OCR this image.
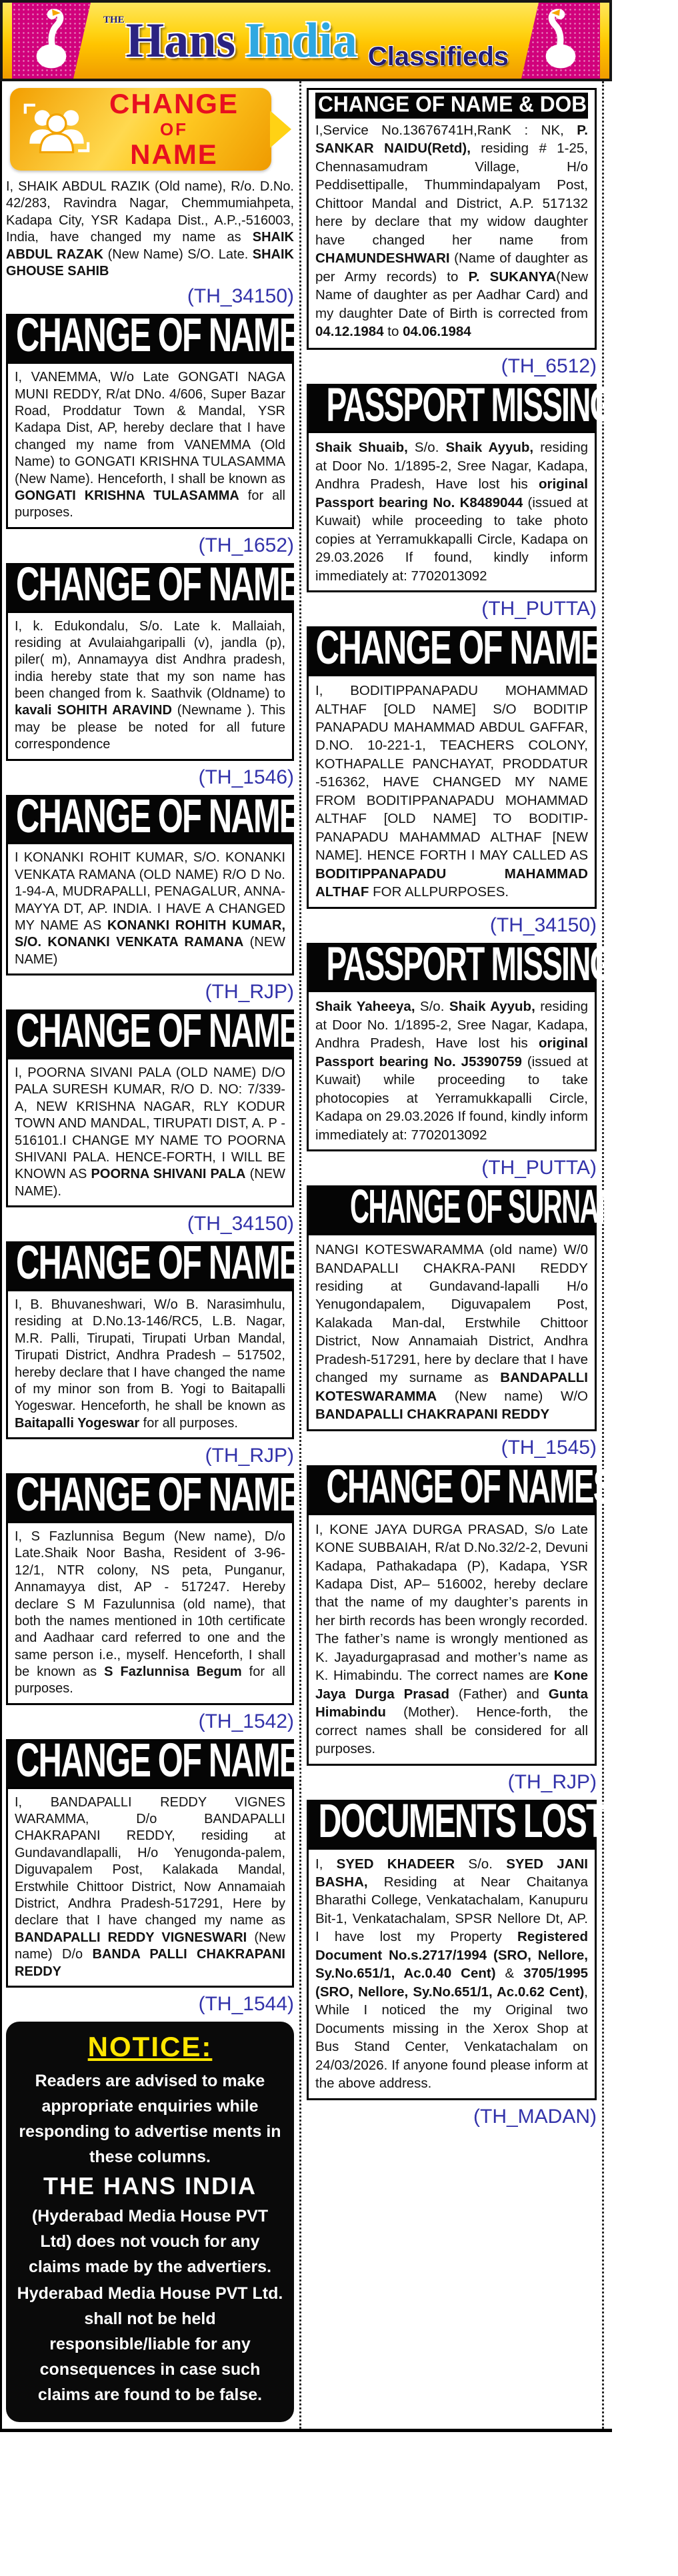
THE Hans India Classifieds
CHANGE
OF
NAME
I, SHAIK ABDUL RAZIK (Old name), R/o. D.No. 42/283, Ravindra Nagar, Chemmumiahpeta, Kadapa City, YSR Kadapa Dist., A.P.,-516003, India, have changed my name as SHAIK ABDUL RAZAK (New Name) S/O. Late. SHAIK GHOUSE SAHIB
(TH_34150)
CHANGE OF NAME
I, VANEMMA, W/o Late GONGATI NAGA MUNI REDDY, R/at DNo. 4/606, Super Bazar Road, Proddatur Town & Mandal, YSR Kadapa Dist, AP, hereby declare that I have changed my name from VANEMMA (Old Name) to GONGATI KRISHNA TULASAMMA (New Name). Henceforth, I shall be known as GONGATI KRISHNA TULASAMMA for all purposes.
(TH_1652)
CHANGE OF NAME
I, k. Edukondalu, S/o. Late k. Mallaiah, residing at Avulaiahgaripalli (v), jandla (p), piler( m), Annamayya dist Andhra pradesh, india hereby state that my son name has been changed from k. Saathvik (Oldname) to kavali SOHITH ARAVIND (Newname ). This may be please be noted for all future correspondence
(TH_1546)
CHANGE OF NAME
I KONANKI ROHIT KUMAR, S/O. KONANKI VENKATA RAMANA (OLD NAME) R/O D No. 1-94-A, MUDRAPALLI, PENAGALUR, ANNA-MAYYA DT, AP. INDIA. I HAVE A CHANGED MY NAME AS KONANKI ROHITH KUMAR, S/O. KONANKI VENKATA RAMANA (NEW NAME)
(TH_RJP)
CHANGE OF NAME
I, POORNA SIVANI PALA (OLD NAME) D/O PALA SURESH KUMAR, R/O D. NO: 7/339-A, NEW KRISHNA NAGAR, RLY KODUR TOWN AND MANDAL, TIRUPATI DIST, A. P - 516101.I CHANGE MY NAME TO POORNA SHIVANI PALA. HENCE-FORTH, I WILL BE KNOWN AS POORNA SHIVANI PALA (NEW NAME).
(TH_34150)
CHANGE OF NAME
I, B. Bhuvaneshwari, W/o B. Narasimhulu, residing at D.No.13-146/RC5, L.B. Nagar, M.R. Palli, Tirupati, Tirupati Urban Mandal, Tirupati District, Andhra Pradesh – 517502, hereby declare that I have changed the name of my minor son from B. Yogi to Baitapalli Yogeswar. Henceforth, he shall be known as Baitapalli Yogeswar for all purposes.
(TH_RJP)
CHANGE OF NAME
I, S Fazlunnisa Begum (New name), D/o Late.Shaik Noor Basha, Resident of 3-96-12/1, NTR colony, NS peta, Punganur, Annamayya dist, AP - 517247. Hereby declare S M Fazulunnisa (old name), that both the names mentioned in 10th certificate and Aadhaar card referred to one and the same person i.e., myself. Henceforth, I shall be known as S Fazlunnisa Begum for all purposes.
(TH_1542)
CHANGE OF NAME
I, BANDAPALLI REDDY VIGNES WARAMMA, D/o BANDAPALLI CHAKRAPANI REDDY, residing at Gundavandlapalli, H/o Yenugonda-palem, Diguvapalem Post, Kalakada Mandal, Erstwhile Chittoor District, Now Annamaiah District, Andhra Pradesh-517291, Here by declare that I have changed my name as BANDAPALLI REDDY VIGNESWARI (New name) D/o BANDA PALLI CHAKRAPANI REDDY
(TH_1544)
NOTICE:

Readers are advised to make appropriate enquiries while responding to advertise ments in these columns.

THE HANS INDIA

(Hyderabad Media House PVT Ltd) does not vouch for any claims made by the advertiers.

Hyderabad Media House PVT Ltd. shall not be held responsible/liable for any consequences in case such claims are found to be false.

CHANGE OF NAME & DOB
I,Service No.13676741H,RanK : NK, P. SANKAR NAIDU(Retd), residing # 1-25, Chennasamudram Village, H/o Peddisettipalle, Thummindapalyam Post, Chittoor Mandal and District, A.P. 517132 here by declare that my widow daughter have changed her name from CHAMUNDESHWARI (Name of daughter as per Army records) to P. SUKANYA(New Name of daughter as per Aadhar Card) and my daughter Date of Birth is corrected from 04.12.1984 to 04.06.1984
(TH_6512)
PASSPORT MISSING
Shaik Shuaib, S/o. Shaik Ayyub, residing at Door No. 1/1895-2, Sree Nagar, Kadapa, Andhra Pradesh, Have lost his original Passport bearing No. K8489044 (issued at Kuwait) while proceeding to take photo copies at Yerramukkapalli Circle, Kadapa on 29.03.2026 If found, kindly inform immediately at: 7702013092
(TH_PUTTA)
CHANGE OF NAME
I, BODITIPPANAPADU MOHAMMAD ALTHAF [OLD NAME] S/O BODITIP PANAPADU MAHAMMAD ABDUL GAFFAR, D.NO. 10-221-1, TEACHERS COLONY, KOTHAPALLE PANCHAYAT, PRODDATUR -516362, HAVE CHANGED MY NAME FROM BODITIPPANAPADU MOHAMMAD ALTHAF [OLD NAME] TO BODITIP-PANAPADU MAHAMMAD ALTHAF [NEW NAME]. HENCE FORTH I MAY CALLED AS BODITIPPANAPADU MAHAMMAD ALTHAF FOR ALLPURPOSES.
(TH_34150)
PASSPORT MISSING
Shaik Yaheeya, S/o. Shaik Ayyub, residing at Door No. 1/1895-2, Sree Nagar, Kadapa, Andhra Pradesh, Have lost his original Passport bearing No. J5390759 (issued at Kuwait) while proceeding to take photocopies at Yerramukkapalli Circle, Kadapa on 29.03.2026 If found, kindly inform immediately at: 7702013092
(TH_PUTTA)
CHANGE OF SURNAME
NANGI KOTESWARAMMA (old name) W/0 BANDAPALLI CHAKRA-PANI REDDY residing at Gundavand-lapalli H/o Yenugondapalem, Diguvapalem Post, Kalakada Man-dal, Erstwhile Chittoor District, Now Annamaiah District, Andhra Pradesh-517291, here by declare that I have changed my surname as BANDAPALLI KOTESWARAMMA (New name) W/O BANDAPALLI CHAKRAPANI REDDY
(TH_1545)
CHANGE OF NAMES
I, KONE JAYA DURGA PRASAD, S/o Late KONE SUBBAIAH, R/at D.No.32/2-2, Devuni Kadapa, Pathakadapa (P), Kadapa, YSR Kadapa Dist, AP– 516002, hereby declare that the name of my daughter’s parents in her birth records has been wrongly recorded. The father’s name is wrongly mentioned as K. Jayadurgaprasad and mother’s name as K. Himabindu. The correct names are Kone Jaya Durga Prasad (Father) and Gunta Himabindu (Mother). Hence-forth, the correct names shall be considered for all purposes.
(TH_RJP)
DOCUMENTS LOST
I, SYED KHADEER S/o. SYED JANI BASHA, Residing at Near Chaitanya Bharathi College, Venkatachalam, Kanupuru Bit-1, Venkatachalam, SPSR Nellore Dt, AP. I have lost my Property Registered Document No.s.2717/1994 (SRO, Nellore, Sy.No.651/1, Ac.0.40 Cent) & 3705/1995 (SRO, Nellore, Sy.No.651/1, Ac.0.62 Cent), While I noticed the my Original two Documents missing in the Xerox Shop at Bus Stand Center, Venkatachalam on 24/03/2026. If anyone found please inform at the above address.
(TH_MADAN)
